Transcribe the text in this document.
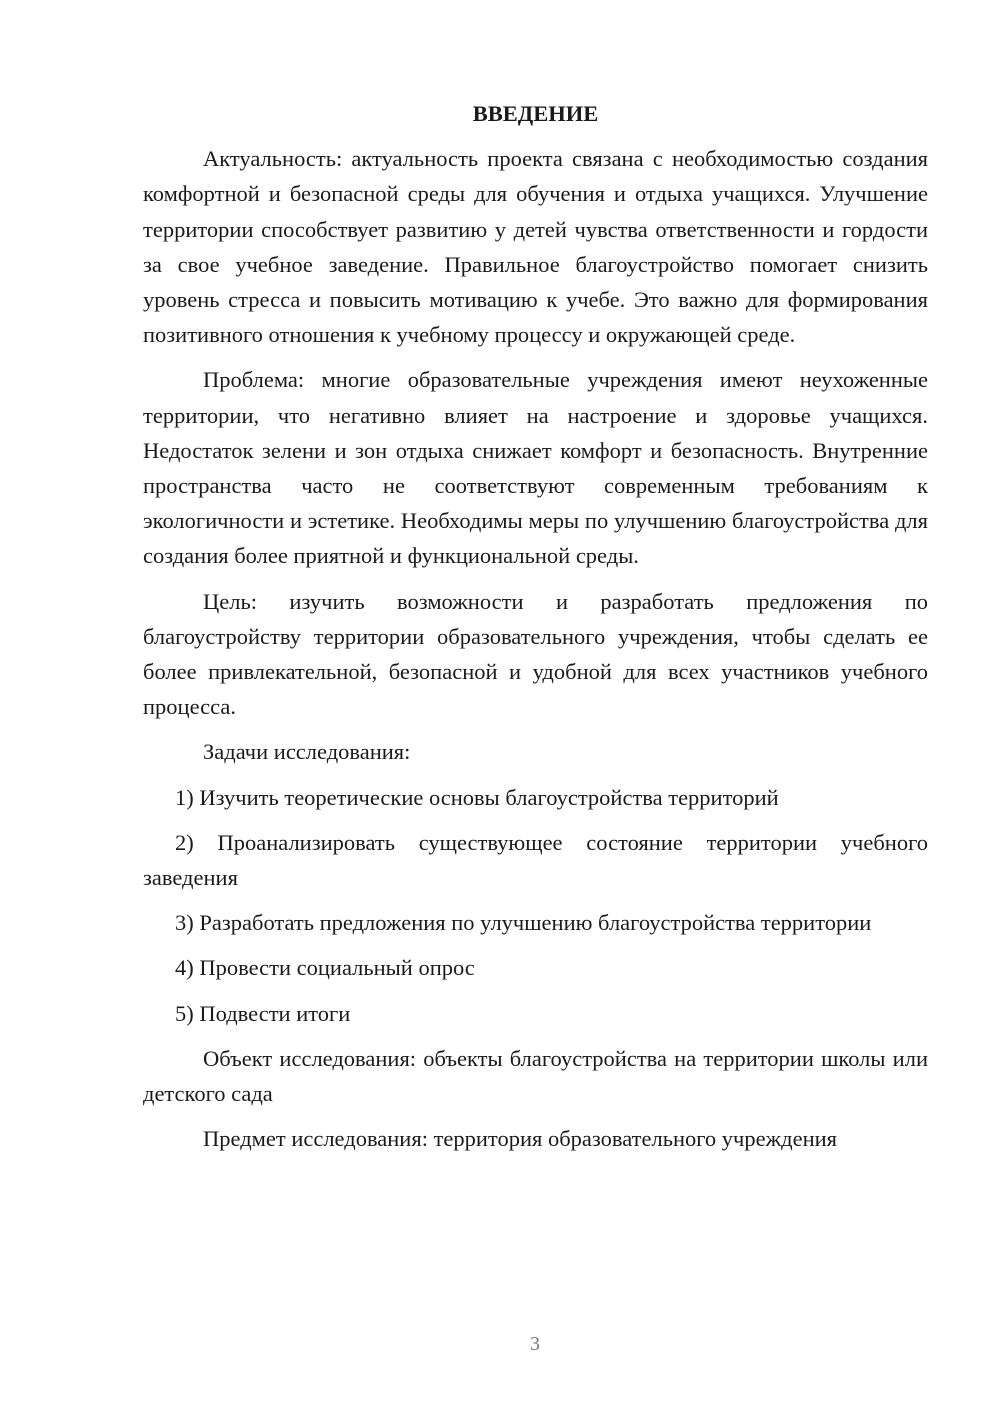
ВВЕДЕНИЕ

Актуальность: актуальность проекта связана с необходимостью создания комфортной и безопасной среды для обучения и отдыха учащихся. Улучшение территории способствует развитию у детей чувства ответственности и гордости за свое учебное заведение. Правильное благоустройство помогает снизить уровень стресса и повысить мотивацию к учебе. Это важно для формирования позитивного отношения к учебному процессу и окружающей среде.

Проблема: многие образовательные учреждения имеют неухоженные территории, что негативно влияет на настроение и здоровье учащихся. Недостаток зелени и зон отдыха снижает комфорт и безопасность. Внутренние пространства часто не соответствуют современным требованиям к экологичности и эстетике. Необходимы меры по улучшению благоустройства для создания более приятной и функциональной среды.

Цель: изучить возможности и разработать предложения по благоустройству территории образовательного учреждения, чтобы сделать ее более привлекательной, безопасной и удобной для всех участников учебного процесса.

Задачи исследования:

1) Изучить теоретические основы благоустройства территорий

2) Проанализировать существующее состояние территории учебного заведения

3) Разработать предложения по улучшению благоустройства территории

4) Провести социальный опрос

5) Подвести итоги

Объект исследования: объекты благоустройства на территории школы или детского сада

Предмет исследования: территория образовательного учреждения

3
